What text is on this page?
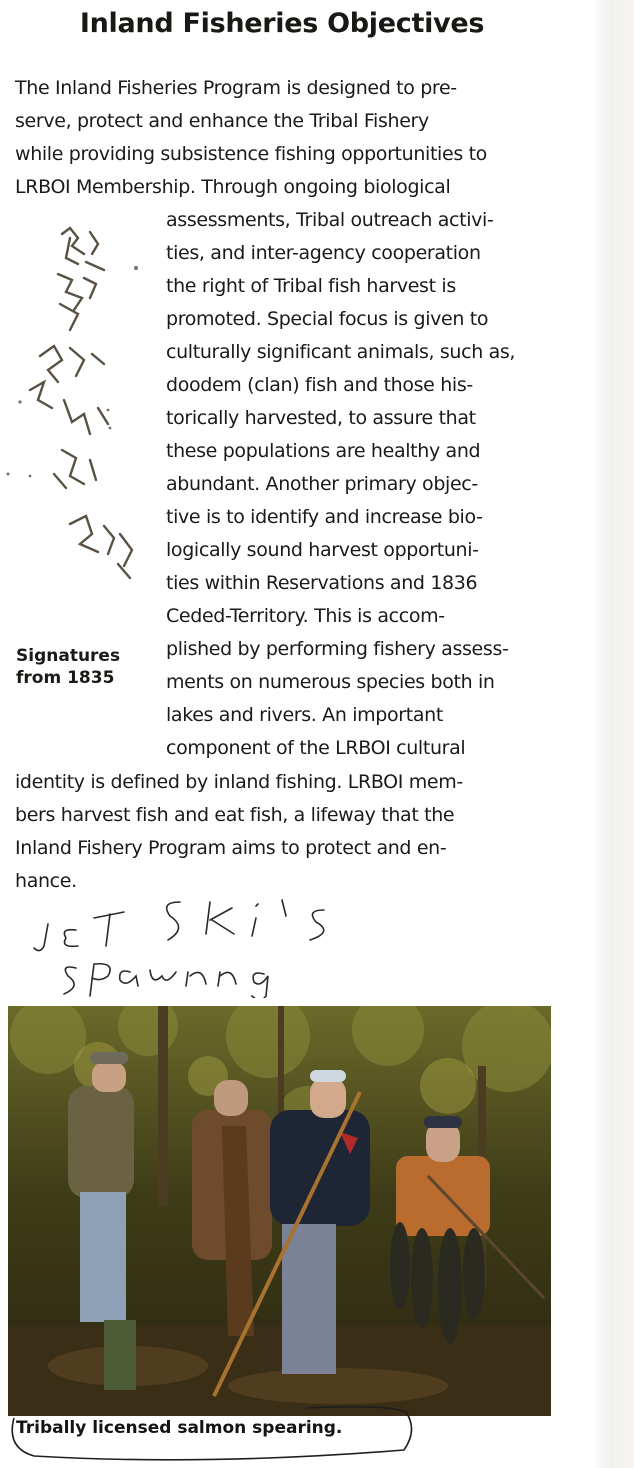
Inland Fisheries Objectives
The Inland Fisheries Program is designed to pre-
serve, protect and enhance the Tribal Fishery
while providing subsistence fishing opportunities to
LRBOI Membership. Through ongoing biological
assessments, Tribal outreach activi-
ties, and inter-agency cooperation
the right of Tribal fish harvest is
promoted. Special focus is given to
culturally significant animals, such as,
doodem (clan) fish and those his-
torically harvested, to assure that
these populations are healthy and
abundant. Another primary objec-
tive is to identify and increase bio-
logically sound harvest opportuni-
ties within Reservations and 1836
Ceded-Territory. This is accom-
plished by performing fishery assess-
ments on numerous species both in
lakes and rivers. An important
component of the LRBOI cultural
identity is defined by inland fishing. LRBOI mem-
bers harvest fish and eat fish, a lifeway that the
Inland Fishery Program aims to protect and en-
hance.
Signatures
from 1835
Tribally licensed salmon spearing.
